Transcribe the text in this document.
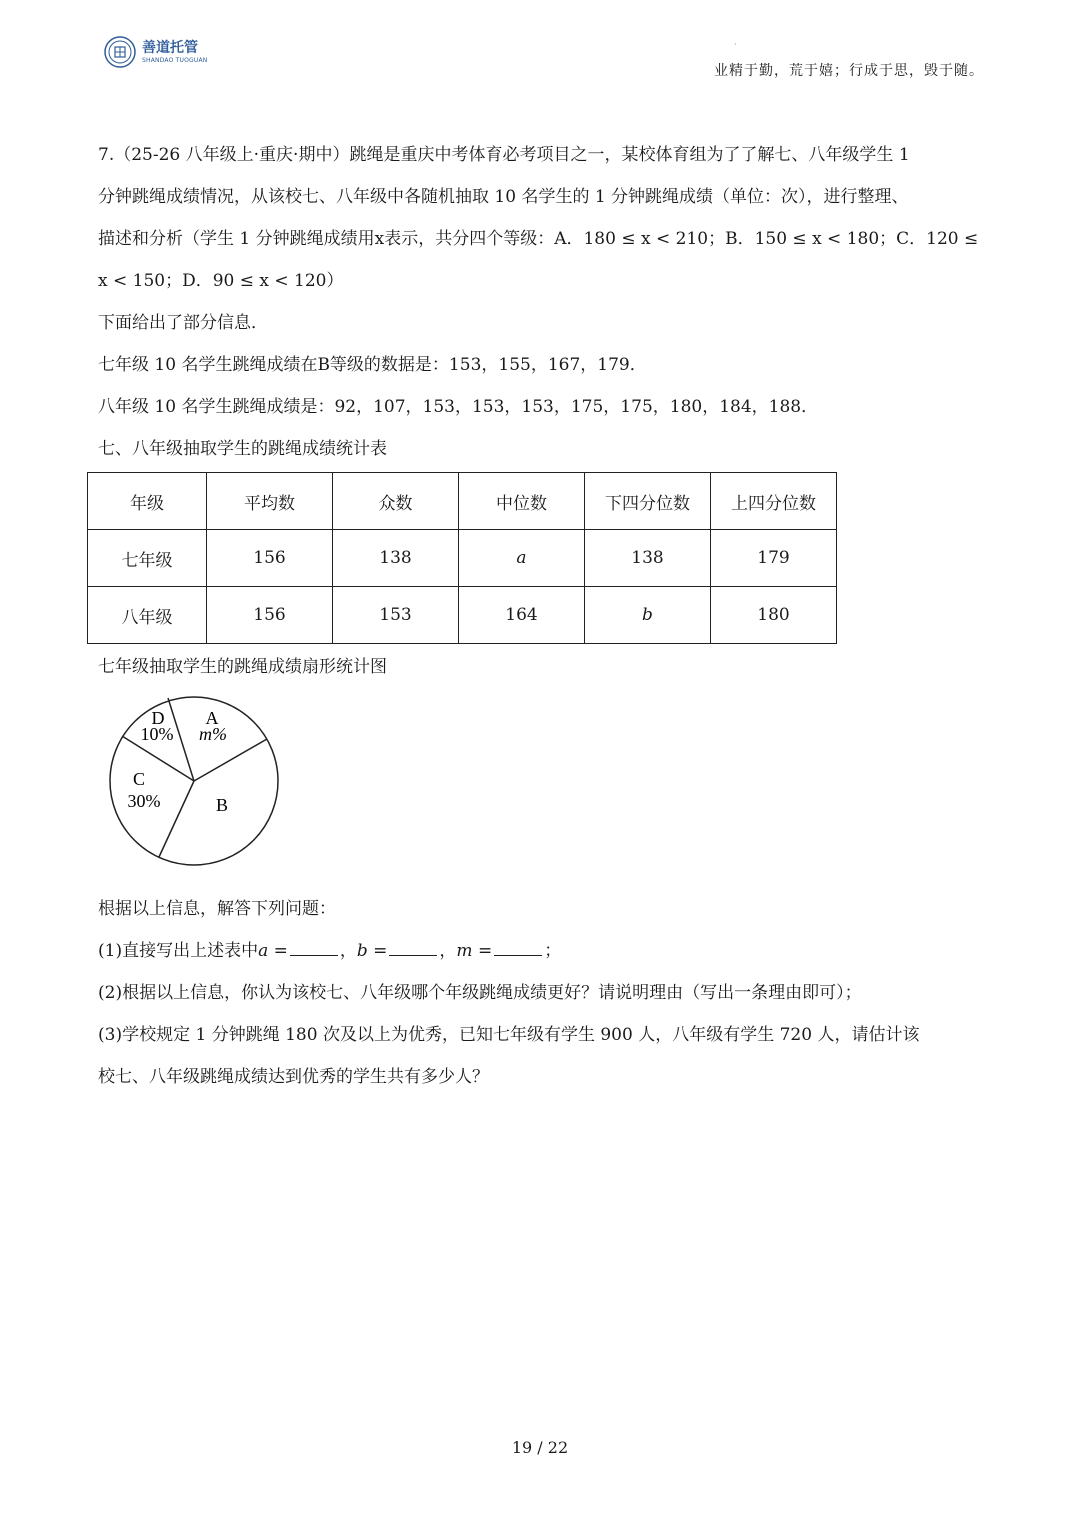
善道托管
SHANDAO TUOGUAN
·
业精于勤，荒于嬉；行成于思，毁于随。
7.（25-26 八年级上·重庆·期中）跳绳是重庆中考体育必考项目之一，某校体育组为了了解七、八年级学生 1
分钟跳绳成绩情况，从该校七、八年级中各随机抽取 10 名学生的 1 分钟跳绳成绩（单位：次），进行整理、
描述和分析（学生 1 分钟跳绳成绩用x表示，共分四个等级：A．180 ≤ x < 210；B．150 ≤ x < 180；C．120 ≤
x < 150；D．90 ≤ x < 120）
下面给出了部分信息．
七年级 10 名学生跳绳成绩在B等级的数据是：153，155，167，179．
八年级 10 名学生跳绳成绩是：92，107，153，153，153，175，175，180，184，188．
七、八年级抽取学生的跳绳成绩统计表
年级	平均数	众数	中位数	下四分位数	上四分位数
七年级	156	138	a	138	179
八年级	156	153	164	b	180
七年级抽取学生的跳绳成绩扇形统计图
D
10%
A
m%
C
30%	B
根据以上信息，解答下列问题：
(1)直接写出上述表中a =	，b =	，m =	；
(2)根据以上信息，你认为该校七、八年级哪个年级跳绳成绩更好？请说明理由（写出一条理由即可）；
(3)学校规定 1 分钟跳绳 180 次及以上为优秀，已知七年级有学生 900 人，八年级有学生 720 人，请估计该
校七、八年级跳绳成绩达到优秀的学生共有多少人？
19 / 22
